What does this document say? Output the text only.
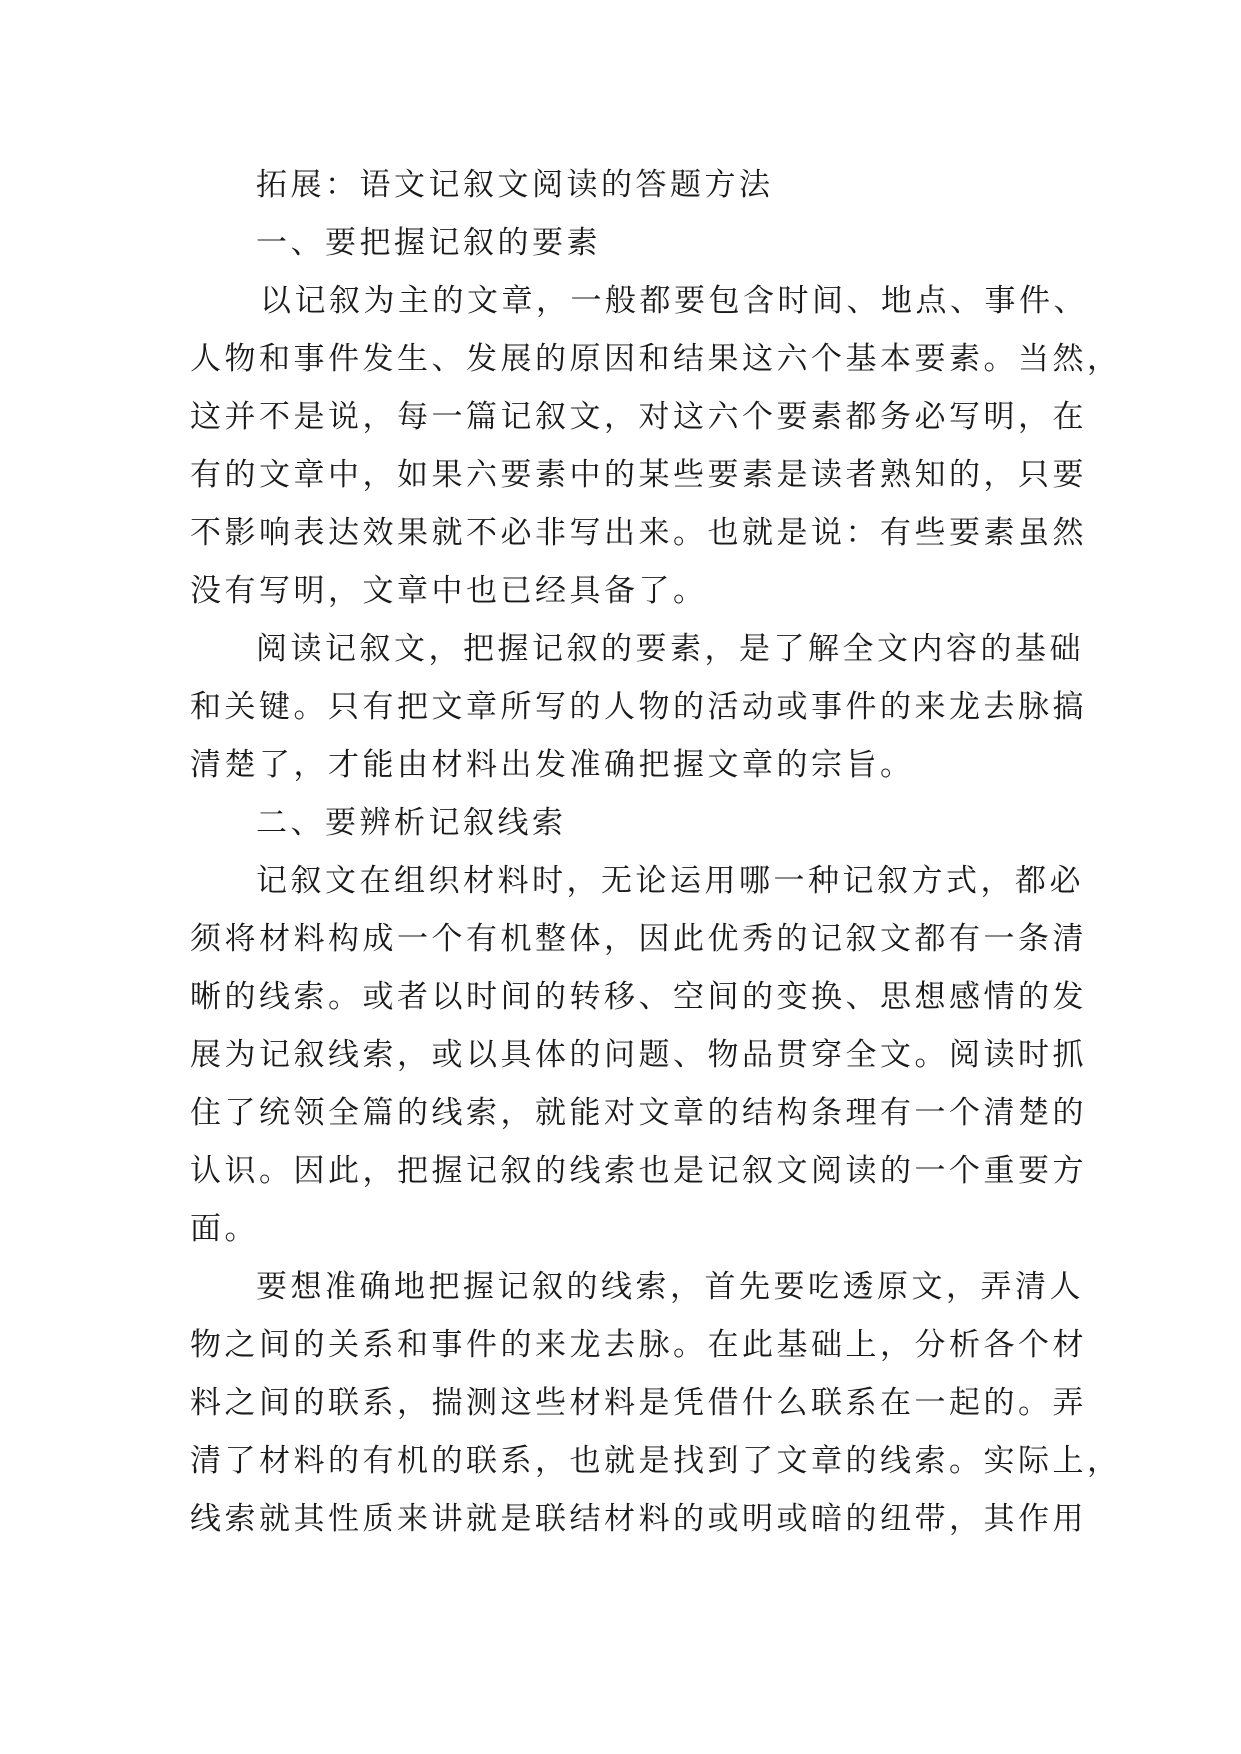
拓展：语文记叙文阅读的答题方法
一、要把握记叙的要素
以记叙为主的文章，一般都要包含时间、地点、事件、
人物和事件发生、发展的原因和结果这六个基本要素。当然，
这并不是说，每一篇记叙文，对这六个要素都务必写明，在
有的文章中，如果六要素中的某些要素是读者熟知的，只要
不影响表达效果就不必非写出来。也就是说：有些要素虽然
没有写明，文章中也已经具备了。
阅读记叙文，把握记叙的要素，是了解全文内容的基础
和关键。只有把文章所写的人物的活动或事件的来龙去脉搞
清楚了，才能由材料出发准确把握文章的宗旨。
二、要辨析记叙线索
记叙文在组织材料时，无论运用哪一种记叙方式，都必
须将材料构成一个有机整体，因此优秀的记叙文都有一条清
晰的线索。或者以时间的转移、空间的变换、思想感情的发
展为记叙线索，或以具体的问题、物品贯穿全文。阅读时抓
住了统领全篇的线索，就能对文章的结构条理有一个清楚的
认识。因此，把握记叙的线索也是记叙文阅读的一个重要方
面。
要想准确地把握记叙的线索，首先要吃透原文，弄清人
物之间的关系和事件的来龙去脉。在此基础上，分析各个材
料之间的联系，揣测这些材料是凭借什么联系在一起的。弄
清了材料的有机的联系，也就是找到了文章的线索。实际上，
线索就其性质来讲就是联结材料的或明或暗的纽带，其作用
